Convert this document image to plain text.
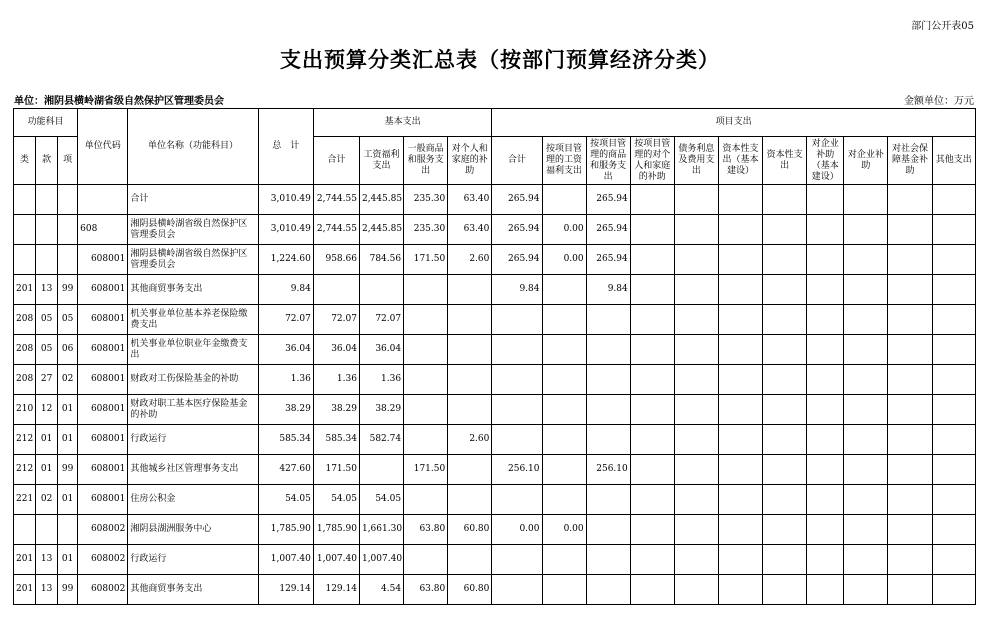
部门公开表05
支出预算分类汇总表（按部门预算经济分类）
单位：湘阴县横岭湖省级自然保护区管理委员会	金额单位：万元
功能科目			单位代码	单位名称（功能科目）	总　计	基本支出				项目支出										
类	款	项				合计	工资福利支出	一般商品和服务支出	对个人和家庭的补助	合计	按项目管理的工资福利支出	按项目管理的商品和服务支出	按项目管理的对个人和家庭的补助	债务利息及费用支出	资本性支出（基本建设）	资本性支出	对企业补助（基本建设）	对企业补助	对社会保障基金补助	其他支出
				合计	3,010.49	2,744.55	2,445.85	235.30	63.40	265.94		265.94								
			608	湘阴县横岭湖省级自然保护区管理委员会	3,010.49	2,744.55	2,445.85	235.30	63.40	265.94	0.00	265.94								
			608001	湘阴县横岭湖省级自然保护区管理委员会	1,224.60	958.66	784.56	171.50	2.60	265.94	0.00	265.94								
201	13	99	608001	其他商贸事务支出	9.84					9.84		9.84								
208	05	05	608001	机关事业单位基本养老保险缴费支出	72.07	72.07	72.07													
208	05	06	608001	机关事业单位职业年金缴费支出	36.04	36.04	36.04													
208	27	02	608001	财政对工伤保险基金的补助	1.36	1.36	1.36													
210	12	01	608001	财政对职工基本医疗保险基金的补助	38.29	38.29	38.29													
212	01	01	608001	行政运行	585.34	585.34	582.74		2.60											
212	01	99	608001	其他城乡社区管理事务支出	427.60	171.50		171.50		256.10		256.10								
221	02	01	608001	住房公积金	54.05	54.05	54.05													
			608002	湘阴县湖洲服务中心	1,785.90	1,785.90	1,661.30	63.80	60.80	0.00	0.00									
201	13	01	608002	行政运行	1,007.40	1,007.40	1,007.40													
201	13	99	608002	其他商贸事务支出	129.14	129.14	4.54	63.80	60.80											
